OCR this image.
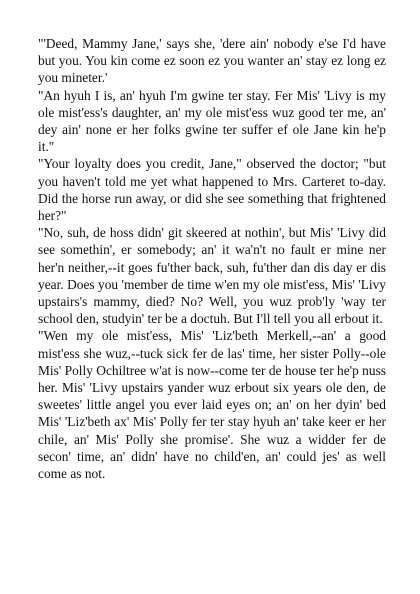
"'Deed, Mammy Jane,' says she, 'dere ain' nobody e'se I'd have but you. You kin come ez soon ez you wanter an' stay ez long ez you mineter.'

"An hyuh I is, an' hyuh I'm gwine ter stay. Fer Mis' 'Livy is my ole mist'ess's daughter, an' my ole mist'ess wuz good ter me, an' dey ain' none er her folks gwine ter suffer ef ole Jane kin he'p it."

"Your loyalty does you credit, Jane," observed the doctor; "but you haven't told me yet what happened to Mrs. Carteret to-day. Did the horse run away, or did she see something that frightened her?"

"No, suh, de hoss didn' git skeered at nothin', but Mis' 'Livy did see somethin', er somebody; an' it wa'n't no fault er mine ner her'n neither,--it goes fu'ther back, suh, fu'ther dan dis day er dis year. Does you 'member de time w'en my ole mist'ess, Mis' 'Livy upstairs's mammy, died? No? Well, you wuz prob'ly 'way ter school den, studyin' ter be a doctuh. But I'll tell you all erbout it.

"Wen my ole mist'ess, Mis' 'Liz'beth Merkell,--an' a good mist'ess she wuz,--tuck sick fer de las' time, her sister Polly--ole Mis' Polly Ochiltree w'at is now--come ter de house ter he'p nuss her. Mis' 'Livy upstairs yander wuz erbout six years ole den, de sweetes' little angel you ever laid eyes on; an' on her dyin' bed Mis' 'Liz'beth ax' Mis' Polly fer ter stay hyuh an' take keer er her chile, an' Mis' Polly she promise'. She wuz a widder fer de secon' time, an' didn' have no child'en, an' could jes' as well come as not.
